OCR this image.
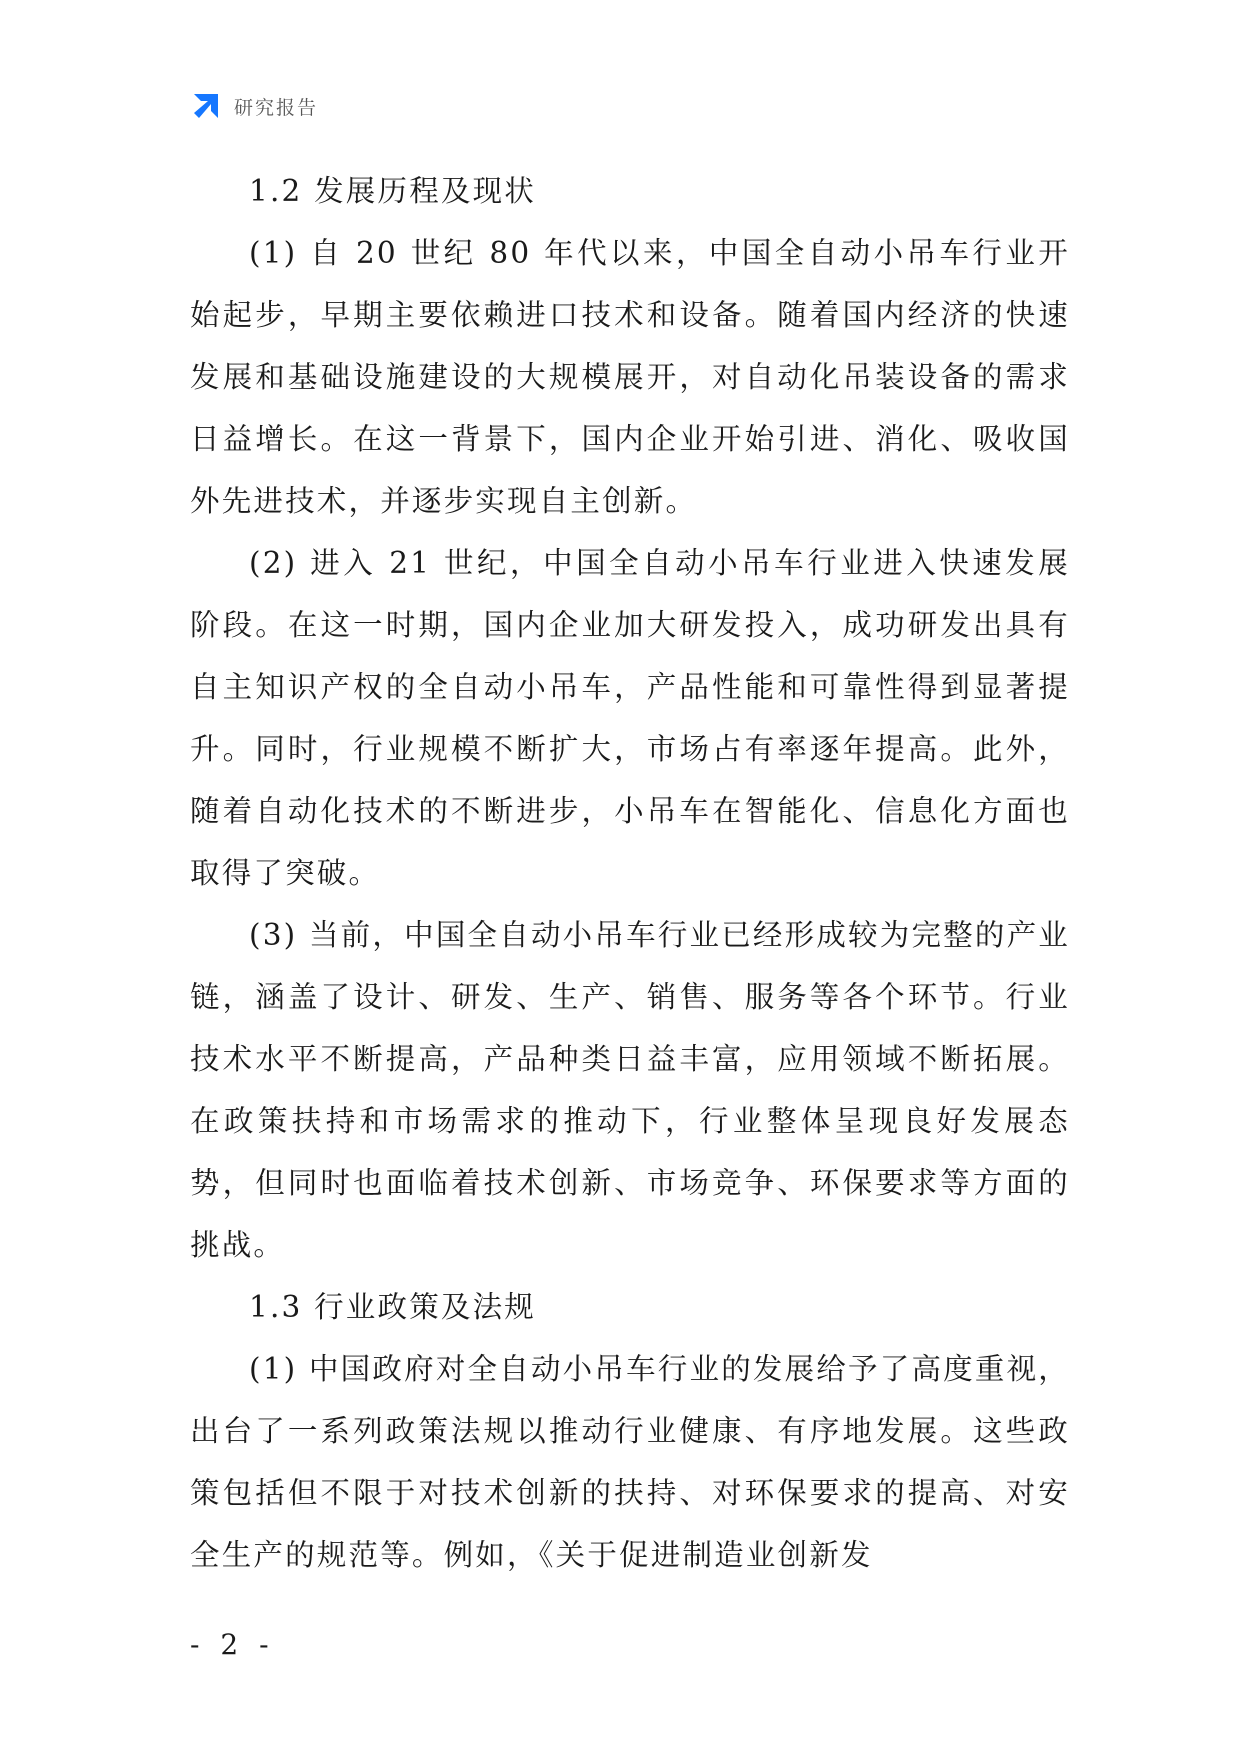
研究报告
1.2 发展历程及现状

(1) 自 20 世纪 80 年代以来，中国全自动小吊车行业开始起步，早期主要依赖进口技术和设备。随着国内经济的快速发展和基础设施建设的大规模展开，对自动化吊装设备的需求日益增长。在这一背景下，国内企业开始引进、消化、吸收国外先进技术，并逐步实现自主创新。

(2) 进入 21 世纪，中国全自动小吊车行业进入快速发展阶段。在这一时期，国内企业加大研发投入，成功研发出具有自主知识产权的全自动小吊车，产品性能和可靠性得到显著提升。同时，行业规模不断扩大，市场占有率逐年提高。此外，随着自动化技术的不断进步，小吊车在智能化、信息化方面也取得了突破。

(3) 当前，中国全自动小吊车行业已经形成较为完整的产业链，涵盖了设计、研发、生产、销售、服务等各个环节。行业技术水平不断提高，产品种类日益丰富，应用领域不断拓展。在政策扶持和市场需求的推动下，行业整体呈现良好发展态势，但同时也面临着技术创新、市场竞争、环保要求等方面的挑战。

1.3 行业政策及法规

(1) 中国政府对全自动小吊车行业的发展给予了高度重视，出台了一系列政策法规以推动行业健康、有序地发展。这些政策包括但不限于对技术创新的扶持、对环保要求的提高、对安全生产的规范等。例如，《关于促进制造业创新发

- 2 -
